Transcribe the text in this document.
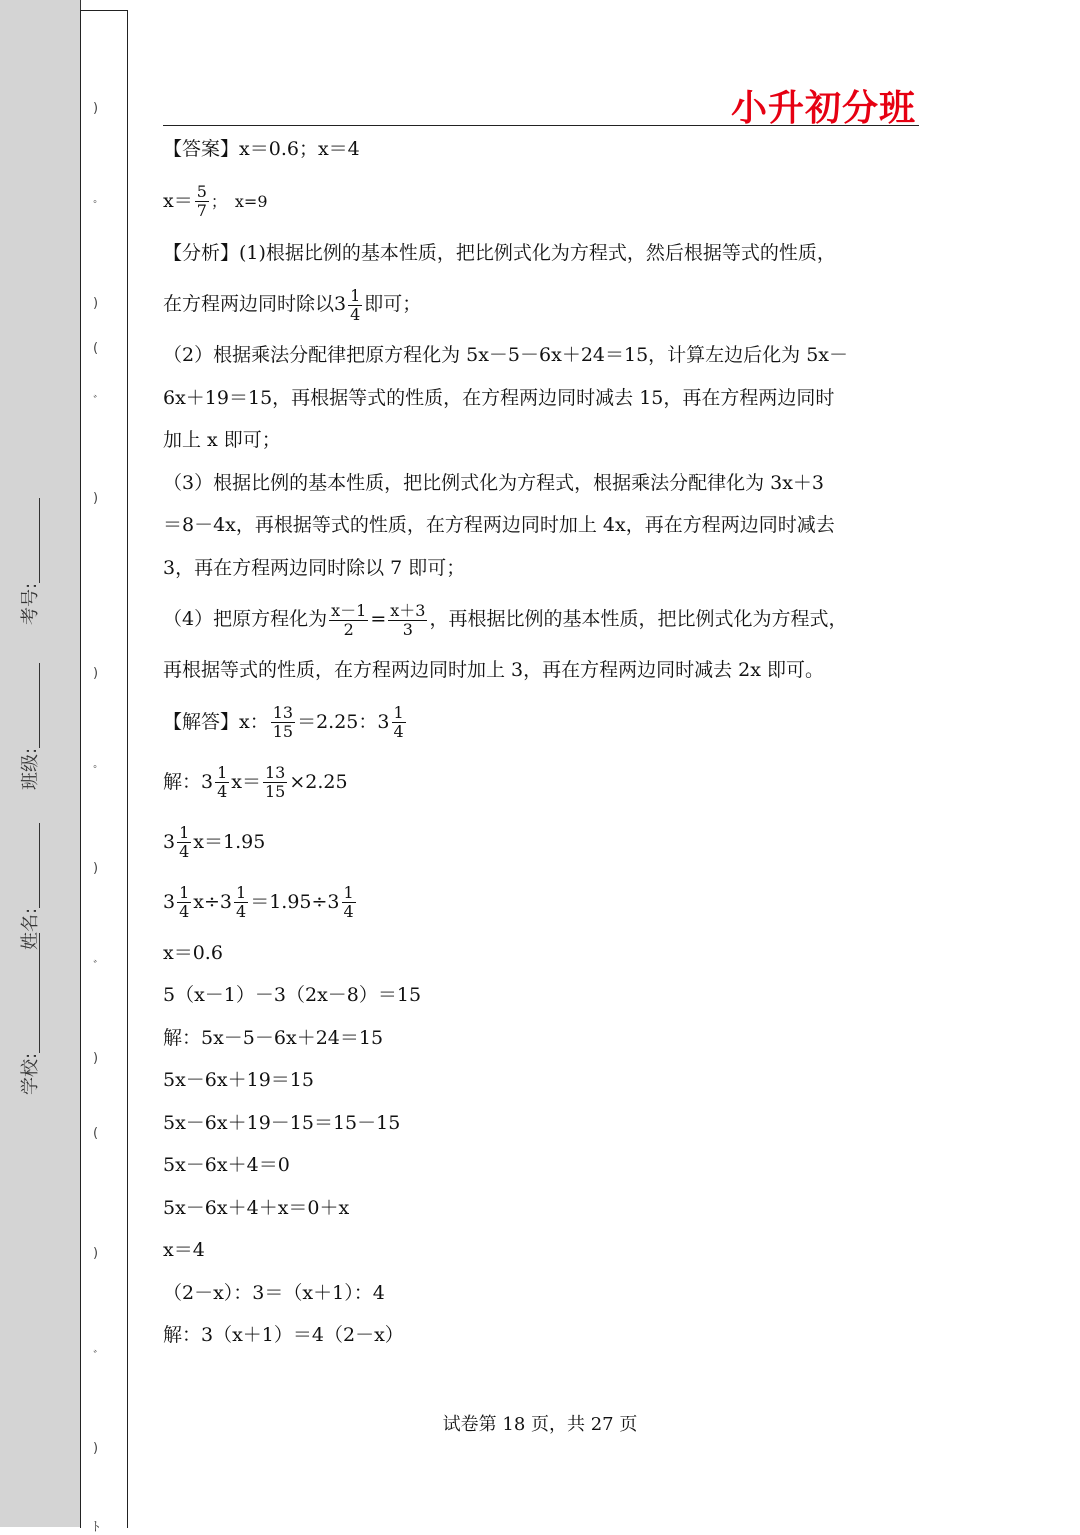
学校:
姓名:
班级:
考号:
)
ﾟ
)
(
ﾞ
)
)
ﾟ
)
ﾞ
)
(
)
ﾞ
)
ﾄ
小升初分班

【答案】x＝0.6；x＝4

$x= \frac{5}{7}$ ；　x=9

【分析】(1)根据比例的基本性质，把比例式化为方程式，然后根据等式的性质，

在方程两边同时除以$3 \frac{1}{4}$ 即可；

（2）根据乘法分配律把原方程化为 5x－5－6x＋24＝15，计算左边后化为 5x－

6x＋19＝15，再根据等式的性质，在方程两边同时减去 15，再在方程两边同时

加上 x 即可；

（3）根据比例的基本性质，把比例式化为方程式，根据乘法分配律化为 3x＋3

＝8－4x，再根据等式的性质，在方程两边同时加上 4x，再在方程两边同时减去

3，再在方程两边同时除以 7 即可；

（4）把原方程化为 $\frac{x-1}{2} = \frac{x+3}{3}$ ，再根据比例的基本性质，把比例式化为方程式，

再根据等式的性质，在方程两边同时加上 3，再在方程两边同时减去 2x 即可。

【解答】x： $\frac{13}{15} =2.25$：$3 \frac{1}{4}$

解：$3 \frac{1}{4} x= \frac{13}{15} \times 2.25$

$3 \frac{1}{4} x=1.95$

$3 \frac{1}{4} x\div 3 \frac{1}{4} =1.95\div 3 \frac{1}{4}$

x＝0.6

5（x－1）－3（2x－8）＝15

解：5x－5－6x＋24＝15

5x－6x＋19＝15

5x－6x＋19－15＝15－15

5x－6x＋4＝0

5x－6x＋4＋x＝0＋x

x＝4

（2－x）：3＝（x＋1）：4

解：3（x＋1）＝4（2－x）

试卷第 18 页，共 27 页
